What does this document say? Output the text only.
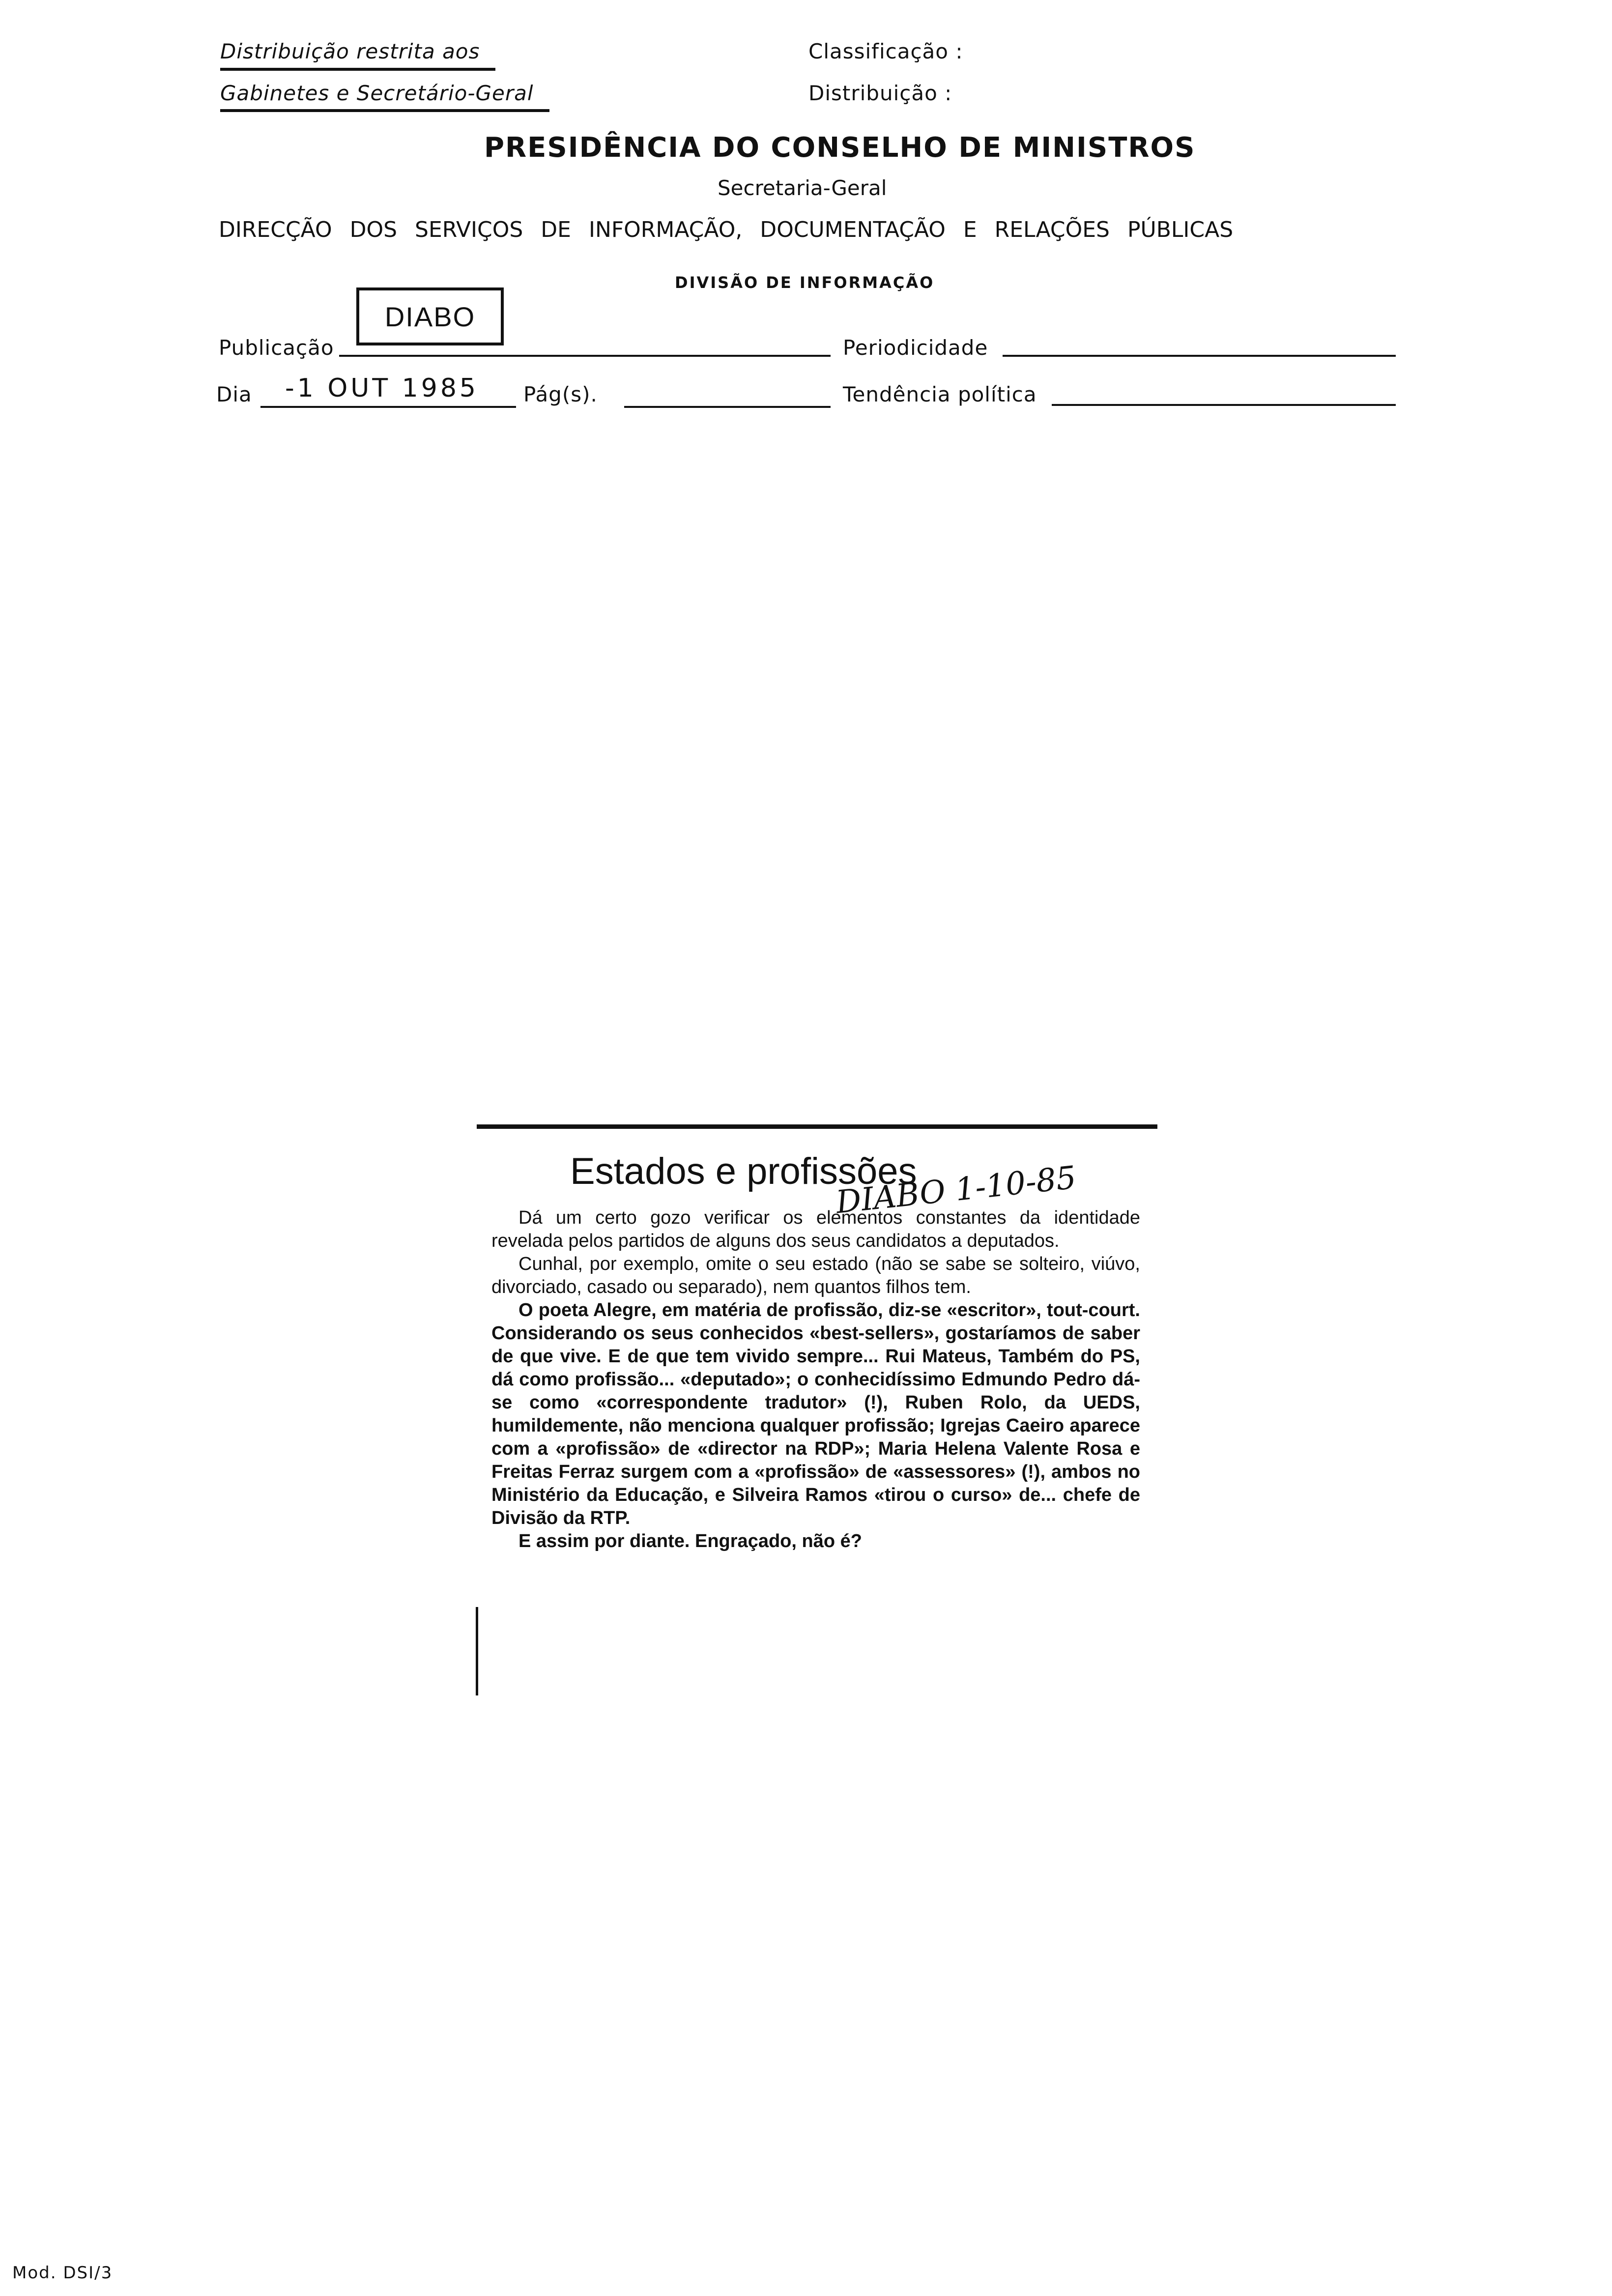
Distribuição restrita aos
Gabinetes e Secretário-Geral
Classificação :
Distribuição :
PRESIDÊNCIA DO CONSELHO DE MINISTROS
Secretaria-Geral
DIRECÇÃO DOS SERVIÇOS DE INFORMAÇÃO, DOCUMENTAÇÃO E RELAÇÕES PÚBLICAS
DIVISÃO DE INFORMAÇÃO
DIABO
Publicação	Periodicidade
Dia -1 OUT 1985 Pág(s).	Tendência política
Estados e profissões
DIABO 1-10-85

Dá um certo gozo verificar os elementos constantes da identidade revelada pelos partidos de alguns dos seus candidatos a deputados.

Cunhal, por exemplo, omite o seu estado (não se sabe se solteiro, viúvo, divorciado, casado ou separado), nem quantos filhos tem.

O poeta Alegre, em matéria de profissão, diz-se «escritor», tout-court. Considerando os seus conhecidos «best-sellers», gostaríamos de saber de que vive. E de que tem vivido sempre... Rui Mateus, Também do PS, dá como profissão... «deputado»; o conhecidíssimo Edmundo Pedro dá-se como «correspondente tradutor» (!), Ruben Rolo, da UEDS, humildemente, não menciona qualquer profissão; Igrejas Caeiro aparece com a «profissão» de «director na RDP»; Maria Helena Valente Rosa e Freitas Ferraz surgem com a «profissão» de «assessores» (!), ambos no Ministério da Educação, e Silveira Ramos «tirou o curso» de... chefe de Divisão da RTP.

E assim por diante. Engraçado, não é?

Mod. DSI/3
